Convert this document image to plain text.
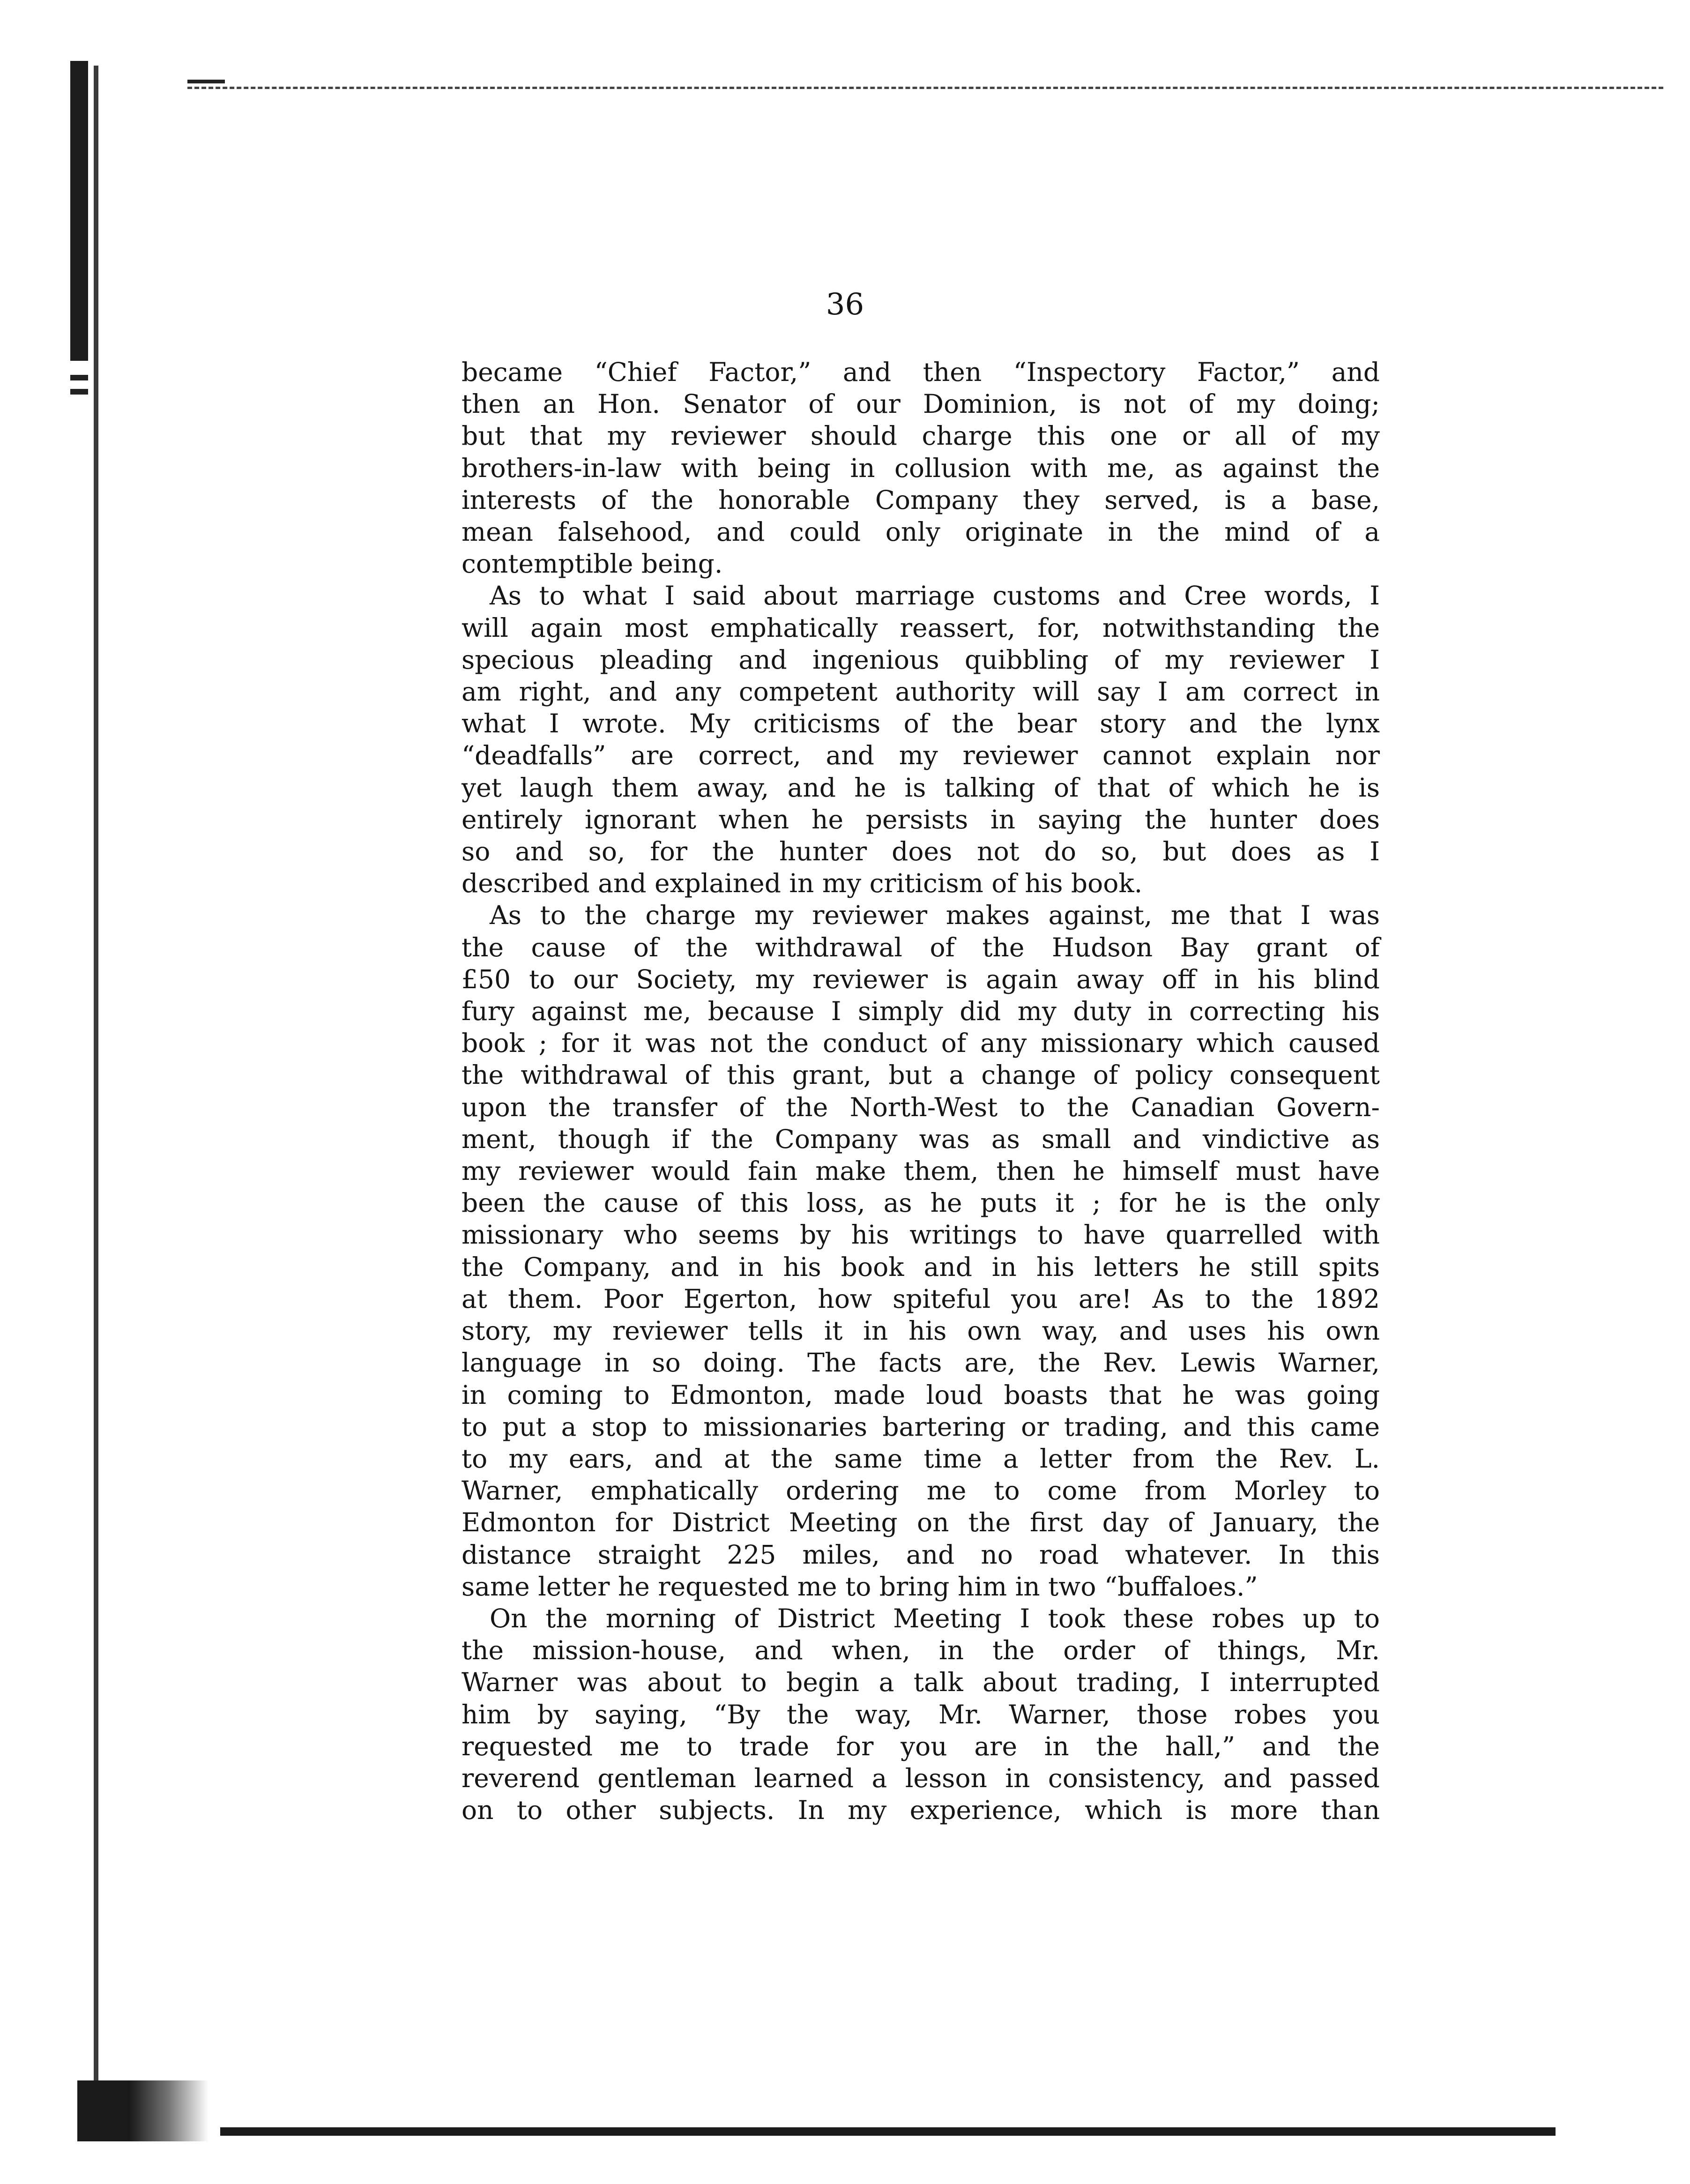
36
became “Chief Factor,” and then “Inspectory Factor,” and
then an Hon. Senator of our Dominion, is not of my doing;
but that my reviewer should charge this one or all of my
brothers-in-law with being in collusion with me, as against the
interests of the honorable Company they served, is a base,
mean falsehood, and could only originate in the mind of a
contemptible being.
As to what I said about marriage customs and Cree words, I
will again most emphatically reassert, for, notwithstanding the
specious pleading and ingenious quibbling of my reviewer I
am right, and any competent authority will say I am correct in
what I wrote. My criticisms of the bear story and the lynx
“deadfalls” are correct, and my reviewer cannot explain nor
yet laugh them away, and he is talking of that of which he is
entirely ignorant when he persists in saying the hunter does
so and so, for the hunter does not do so, but does as I
described and explained in my criticism of his book.
As to the charge my reviewer makes against, me that I was
the cause of the withdrawal of the Hudson Bay grant of
£50 to our Society, my reviewer is again away off in his blind
fury against me, because I simply did my duty in correcting his
book ; for it was not the conduct of any missionary which caused
the withdrawal of this grant, but a change of policy consequent
upon the transfer of the North-West to the Canadian Govern-
ment, though if the Company was as small and vindictive as
my reviewer would fain make them, then he himself must have
been the cause of this loss, as he puts it ; for he is the only
missionary who seems by his writings to have quarrelled with
the Company, and in his book and in his letters he still spits
at them. Poor Egerton, how spiteful you are! As to the 1892
story, my reviewer tells it in his own way, and uses his own
language in so doing. The facts are, the Rev. Lewis Warner,
in coming to Edmonton, made loud boasts that he was going
to put a stop to missionaries bartering or trading, and this came
to my ears, and at the same time a letter from the Rev. L.
Warner, emphatically ordering me to come from Morley to
Edmonton for District Meeting on the first day of January, the
distance straight 225 miles, and no road whatever. In this
same letter he requested me to bring him in two “buffaloes.”
On the morning of District Meeting I took these robes up to
the mission-house, and when, in the order of things, Mr.
Warner was about to begin a talk about trading, I interrupted
him by saying, “By the way, Mr. Warner, those robes you
requested me to trade for you are in the hall,” and the
reverend gentleman learned a lesson in consistency, and passed
on to other subjects. In my experience, which is more than
